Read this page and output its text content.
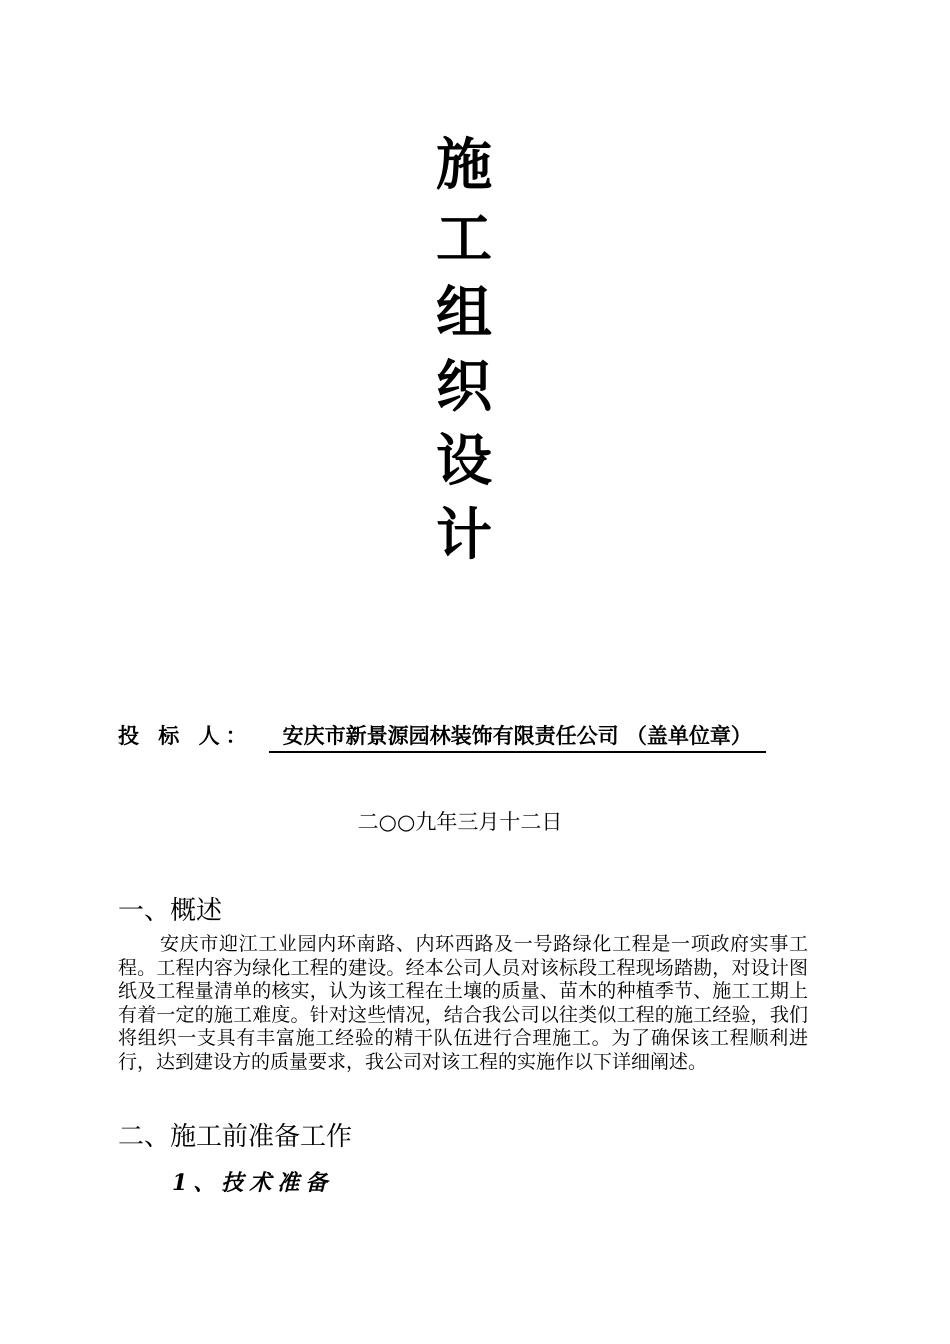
施
工
组
织
设
计
投 标 人： 安庆市新景源园林装饰有限责任公司 （盖单位章）
二○○九年三月十二日
一、概述

安庆市迎江工业园内环南路、内环西路及一号路绿化工程是一项政府实事工程。工程内容为绿化工程的建设。经本公司人员对该标段工程现场踏勘，对设计图纸及工程量清单的核实，认为该工程在土壤的质量、苗木的种植季节、施工工期上有着一定的施工难度。针对这些情况，结合我公司以往类似工程的施工经验，我们将组织一支具有丰富施工经验的精干队伍进行合理施工。为了确保该工程顺利进行，达到建设方的质量要求，我公司对该工程的实施作以下详细阐述。

二、施工前准备工作
1、技术准备
